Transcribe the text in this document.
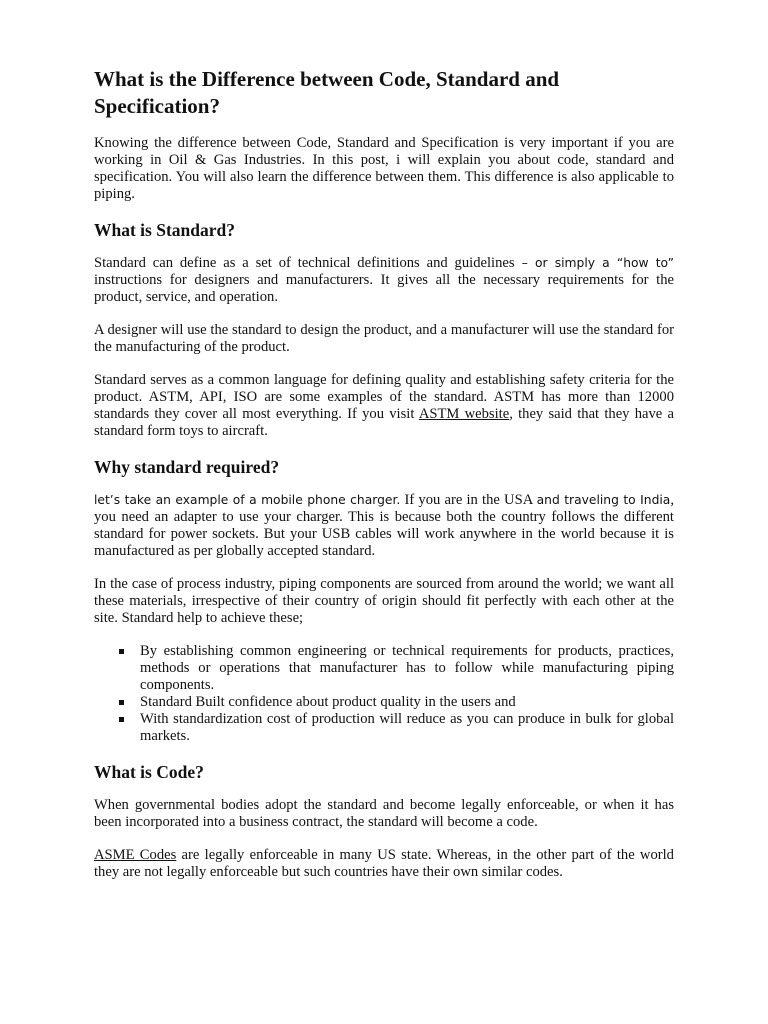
What is the Difference between Code, Standard and Specification?

Knowing the difference between Code, Standard and Specification is very important if you are working in Oil & Gas Industries. In this post, i will explain you about code, standard and specification. You will also learn the difference between them. This difference is also applicable to piping.

What is Standard?

Standard can define as a set of technical definitions and guidelines – or simply a “how to” instructions for designers and manufacturers. It gives all the necessary requirements for the product, service, and operation.

A designer will use the standard to design the product, and a manufacturer will use the standard for the manufacturing of the product.

Standard serves as a common language for defining quality and establishing safety criteria for the product. ASTM, API, ISO are some examples of the standard. ASTM has more than 12000 standards they cover all most everything. If you visit ASTM website, they said that they have a standard form toys to aircraft.

Why standard required?

let’s take an example of a mobile phone charger. If you are in the USA and traveling to India, you need an adapter to use your charger. This is because both the country follows the different standard for power sockets. But your USB cables will work anywhere in the world because it is manufactured as per globally accepted standard.

In the case of process industry, piping components are sourced from around the world; we want all these materials, irrespective of their country of origin should fit perfectly with each other at the site. Standard help to achieve these;

By establishing common engineering or technical requirements for products, practices, methods or operations that manufacturer has to follow while manufacturing piping components.
Standard Built confidence about product quality in the users and
With standardization cost of production will reduce as you can produce in bulk for global markets.
What is Code?

When governmental bodies adopt the standard and become legally enforceable, or when it has been incorporated into a business contract, the standard will become a code.

ASME Codes are legally enforceable in many US state. Whereas, in the other part of the world they are not legally enforceable but such countries have their own similar codes.
